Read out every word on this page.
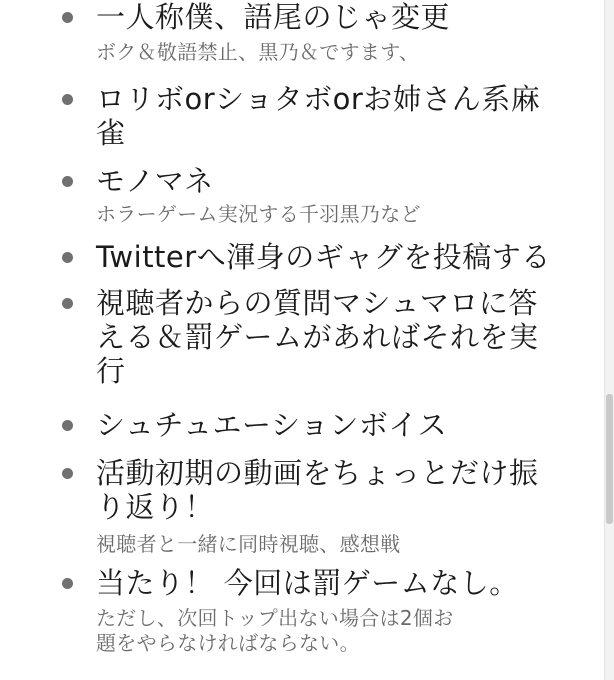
一人称僕、語尾のじゃ変更
ボク＆敬語禁止、黒乃＆ですます、
ロリボorショタボorお姉さん系麻
雀
モノマネ
ホラーゲーム実況する千羽黒乃など
Twitterへ渾身のギャグを投稿する
視聴者からの質問マシュマロに答
える＆罰ゲームがあればそれを実
行
シュチュエーションボイス
活動初期の動画をちょっとだけ振
り返り！
視聴者と一緒に同時視聴、感想戦
当たり！ 今回は罰ゲームなし。
ただし、次回トップ出ない場合は2個お
題をやらなければならない。
